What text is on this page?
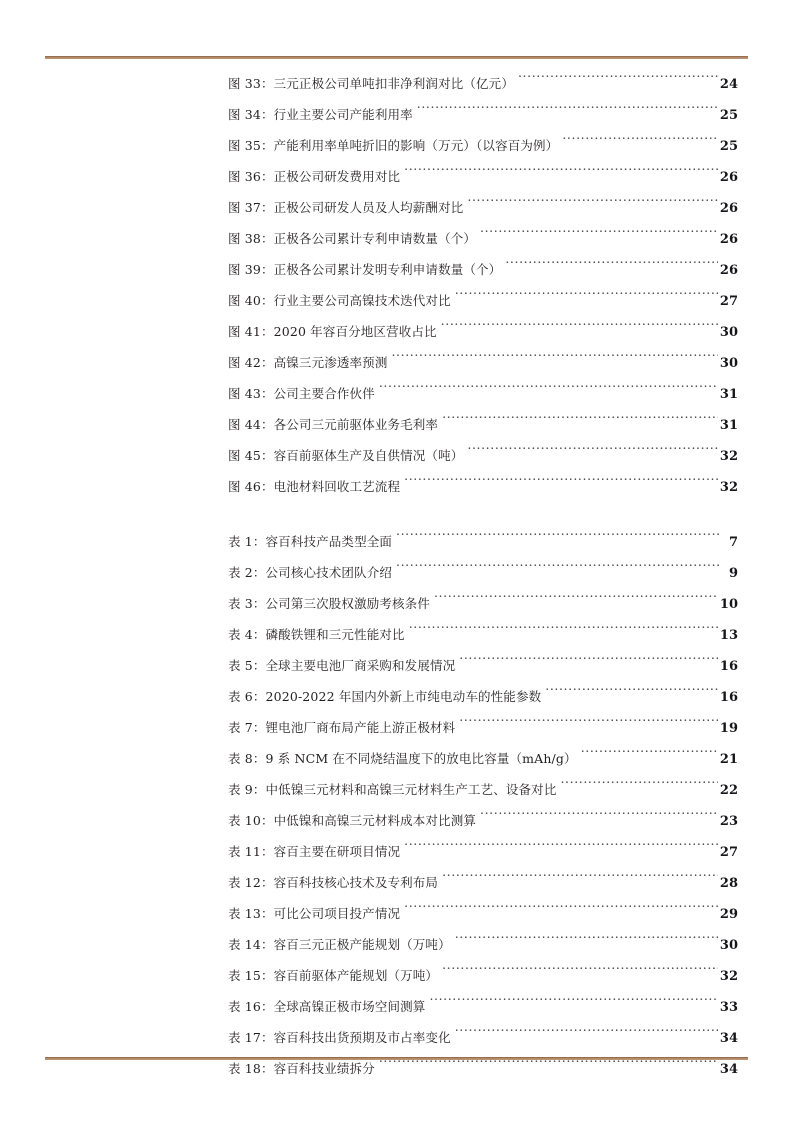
图 33：三元正极公司单吨扣非净利润对比（亿元） .....	24
图 34：行业主要公司产能利用率 .....	25
图 35：产能利用率单吨折旧的影响（万元）（以容百为例） .....	25
图 36：正极公司研发费用对比 .....	26
图 37：正极公司研发人员及人均薪酬对比 .....	26
图 38：正极各公司累计专利申请数量（个） .....	26
图 39：正极各公司累计发明专利申请数量（个） .....	26
图 40：行业主要公司高镍技术迭代对比 .....	27
图 41：2020 年容百分地区营收占比 .....	30
图 42：高镍三元渗透率预测 .....	30
图 43：公司主要合作伙伴 .....	31
图 44：各公司三元前驱体业务毛利率 .....	31
图 45：容百前驱体生产及自供情况（吨） .....	32
图 46：电池材料回收工艺流程 .....	32
表 1：容百科技产品类型全面 .....	7
表 2：公司核心技术团队介绍 .....	9
表 3：公司第三次股权激励考核条件 .....	10
表 4：磷酸铁锂和三元性能对比 .....	13
表 5：全球主要电池厂商采购和发展情况 .....	16
表 6：2020-2022 年国内外新上市纯电动车的性能参数 .....	16
表 7：锂电池厂商布局产能上游正极材料 .....	19
表 8：9 系 NCM 在不同烧结温度下的放电比容量（mAh/g） .....	21
表 9：中低镍三元材料和高镍三元材料生产工艺、设备对比 .....	22
表 10：中低镍和高镍三元材料成本对比测算 .....	23
表 11：容百主要在研项目情况 .....	27
表 12：容百科技核心技术及专利布局 .....	28
表 13：可比公司项目投产情况 .....	29
表 14：容百三元正极产能规划（万吨） .....	30
表 15：容百前驱体产能规划（万吨） .....	32
表 16：全球高镍正极市场空间测算 .....	33
表 17：容百科技出货预期及市占率变化 .....	34
表 18：容百科技业绩拆分 .....	34
